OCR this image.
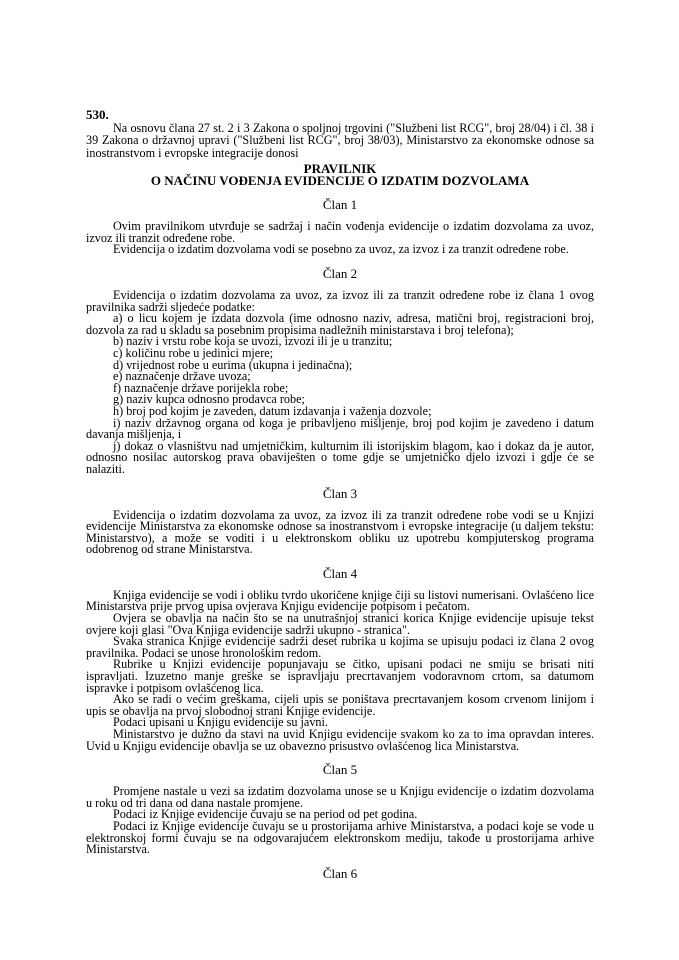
530.

Na osnovu člana 27 st. 2 i 3 Zakona o spoljnoj trgovini ("Službeni list RCG", broj 28/04) i čl. 38 i 39 Zakona o državnoj upravi ("Službeni list RCG", broj 38/03), Ministarstvo za ekonomske odnose sa inostranstvom i evropske integracije donosi

PRAVILNIK

O NAČINU VOĐENJA EVIDENCIJE O IZDATIM DOZVOLAMA

Član 1

Ovim pravilnikom utvrđuje se sadržaj i način vođenja evidencije o izdatim dozvolama za uvoz, izvoz ili tranzit određene robe.

Evidencija o izdatim dozvolama vodi se posebno za uvoz, za izvoz i za tranzit određene robe.

Član 2

Evidencija o izdatim dozvolama za uvoz, za izvoz ili za tranzit određene robe iz člana 1 ovog pravilnika sadrži sljedeće podatke:

a) o licu kojem je izdata dozvola (ime odnosno naziv, adresa, matični broj, registracioni broj, dozvola za rad u skladu sa posebnim propisima nadležnih ministarstava i broj telefona);

b) naziv i vrstu robe koja se uvozi, izvozi ili je u tranzitu;

c) količinu robe u jedinici mjere;

d) vrijednost robe u eurima (ukupna i jedinačna);

e) naznačenje države uvoza;

f) naznačenje države porijekla robe;

g) naziv kupca odnosno prodavca robe;

h) broj pod kojim je zaveden, datum izdavanja i važenja dozvole;

i) naziv državnog organa od koga je pribavljeno mišljenje, broj pod kojim je zavedeno i datum davanja mišljenja, i

j) dokaz o vlasništvu nad umjetničkim, kulturnim ili istorijskim blagom, kao i dokaz da je autor, odnosno nosilac autorskog prava obaviješten o tome gdje se umjetničko djelo izvozi i gdje će se nalaziti.

Član 3

Evidencija o izdatim dozvolama za uvoz, za izvoz ili za tranzit određene robe vodi se u Knjizi evidencije Ministarstva za ekonomske odnose sa inostranstvom i evropske integracije (u daljem tekstu: Ministarstvo), a može se voditi i u elektronskom obliku uz upotrebu kompjuterskog programa odobrenog od strane Ministarstva.

Član 4

Knjiga evidencije se vodi i obliku tvrdo ukoričene knjige čiji su listovi numerisani. Ovlašćeno lice Ministarstva prije prvog upisa ovjerava Knjigu evidencije potpisom i pečatom.

Ovjera se obavlja na način što se na unutrašnjoj stranici korica Knjige evidencije upisuje tekst ovjere koji glasi "Ova Knjiga evidencije sadrži ukupno - stranica".

Svaka stranica Knjige evidencije sadrži deset rubrika u kojima se upisuju podaci iz člana 2 ovog pravilnika. Podaci se unose hronološkim redom.

Rubrike u Knjizi evidencije popunjavaju se čitko, upisani podaci ne smiju se brisati niti ispravljati. Izuzetno manje greške se ispravljaju precrtavanjem vodoravnom crtom, sa datumom ispravke i potpisom ovlašćenog lica.

Ako se radi o većim greškama, cijeli upis se poništava precrtavanjem kosom crvenom linijom i upis se obavlja na prvoj slobodnoj strani Knjige evidencije.

Podaci upisani u Knjigu evidencije su javni.

Ministarstvo je dužno da stavi na uvid Knjigu evidencije svakom ko za to ima opravdan interes. Uvid u Knjigu evidencije obavlja se uz obavezno prisustvo ovlašćenog lica Ministarstva.

Član 5

Promjene nastale u vezi sa izdatim dozvolama unose se u Knjigu evidencije o izdatim dozvolama u roku od tri dana od dana nastale promjene.

Podaci iz Knjige evidencije čuvaju se na period od pet godina.

Podaci iz Knjige evidencije čuvaju se u prostorijama arhive Ministarstva, a podaci koje se vode u elektronskoj formi čuvaju se na odgovarajućem elektronskom mediju, takođe u prostorijama arhive Ministarstva.

Član 6
